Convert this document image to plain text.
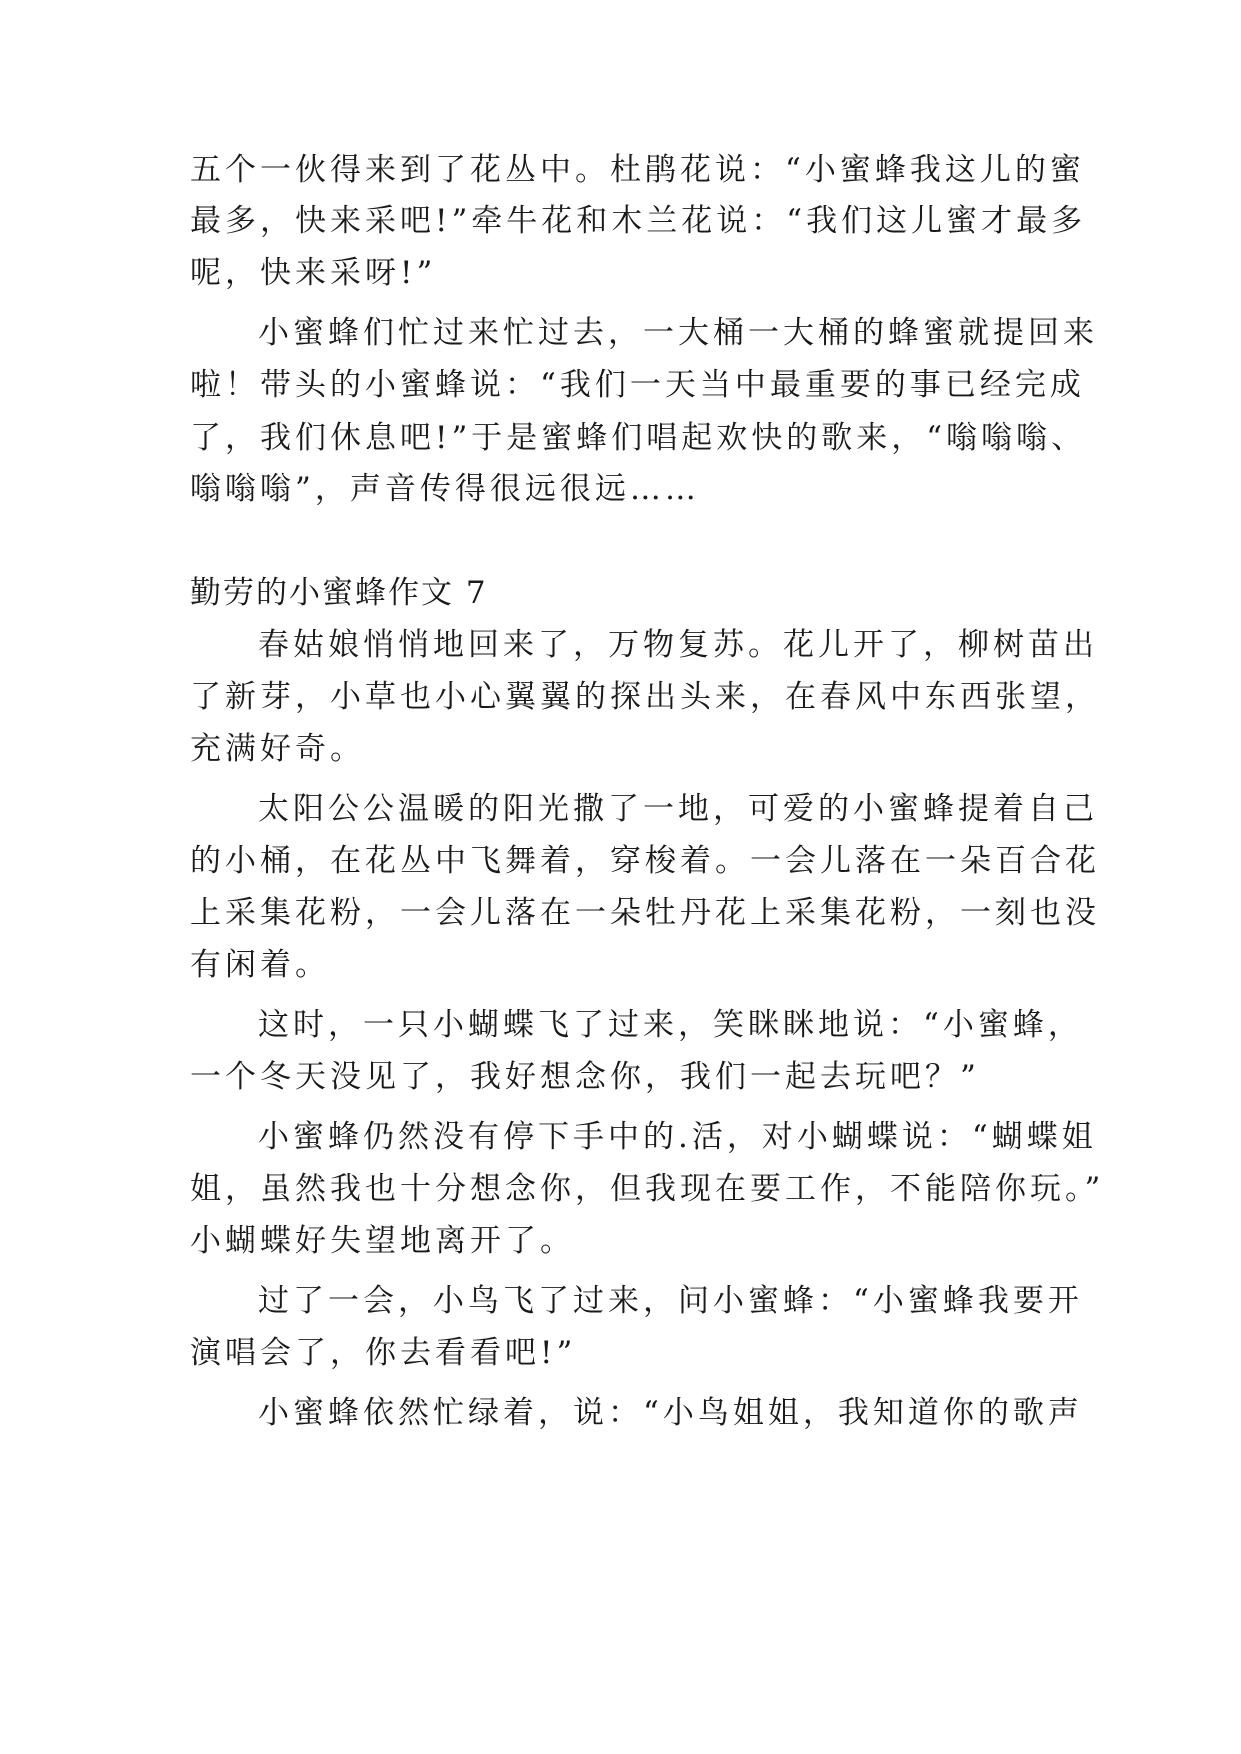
五个一伙得来到了花丛中。杜鹃花说：“小蜜蜂我这儿的蜜
最多，快来采吧!”牵牛花和木兰花说：“我们这儿蜜才最多
呢，快来采呀!”
小蜜蜂们忙过来忙过去，一大桶一大桶的蜂蜜就提回来
啦！带头的小蜜蜂说：“我们一天当中最重要的事已经完成
了，我们休息吧!”于是蜜蜂们唱起欢快的歌来，“嗡嗡嗡、
嗡嗡嗡”，声音传得很远很远……
勤劳的小蜜蜂作文 7
春姑娘悄悄地回来了，万物复苏。花儿开了，柳树苗出
了新芽，小草也小心翼翼的探出头来，在春风中东西张望，
充满好奇。
太阳公公温暖的阳光撒了一地，可爱的小蜜蜂提着自己
的小桶，在花丛中飞舞着，穿梭着。一会儿落在一朵百合花
上采集花粉，一会儿落在一朵牡丹花上采集花粉，一刻也没
有闲着。
这时，一只小蝴蝶飞了过来，笑眯眯地说：“小蜜蜂，
一个冬天没见了，我好想念你，我们一起去玩吧？”
小蜜蜂仍然没有停下手中的.活，对小蝴蝶说：“蝴蝶姐
姐，虽然我也十分想念你，但我现在要工作，不能陪你玩。”
小蝴蝶好失望地离开了。
过了一会，小鸟飞了过来，问小蜜蜂：“小蜜蜂我要开
演唱会了，你去看看吧!”
小蜜蜂依然忙绿着，说：“小鸟姐姐，我知道你的歌声
